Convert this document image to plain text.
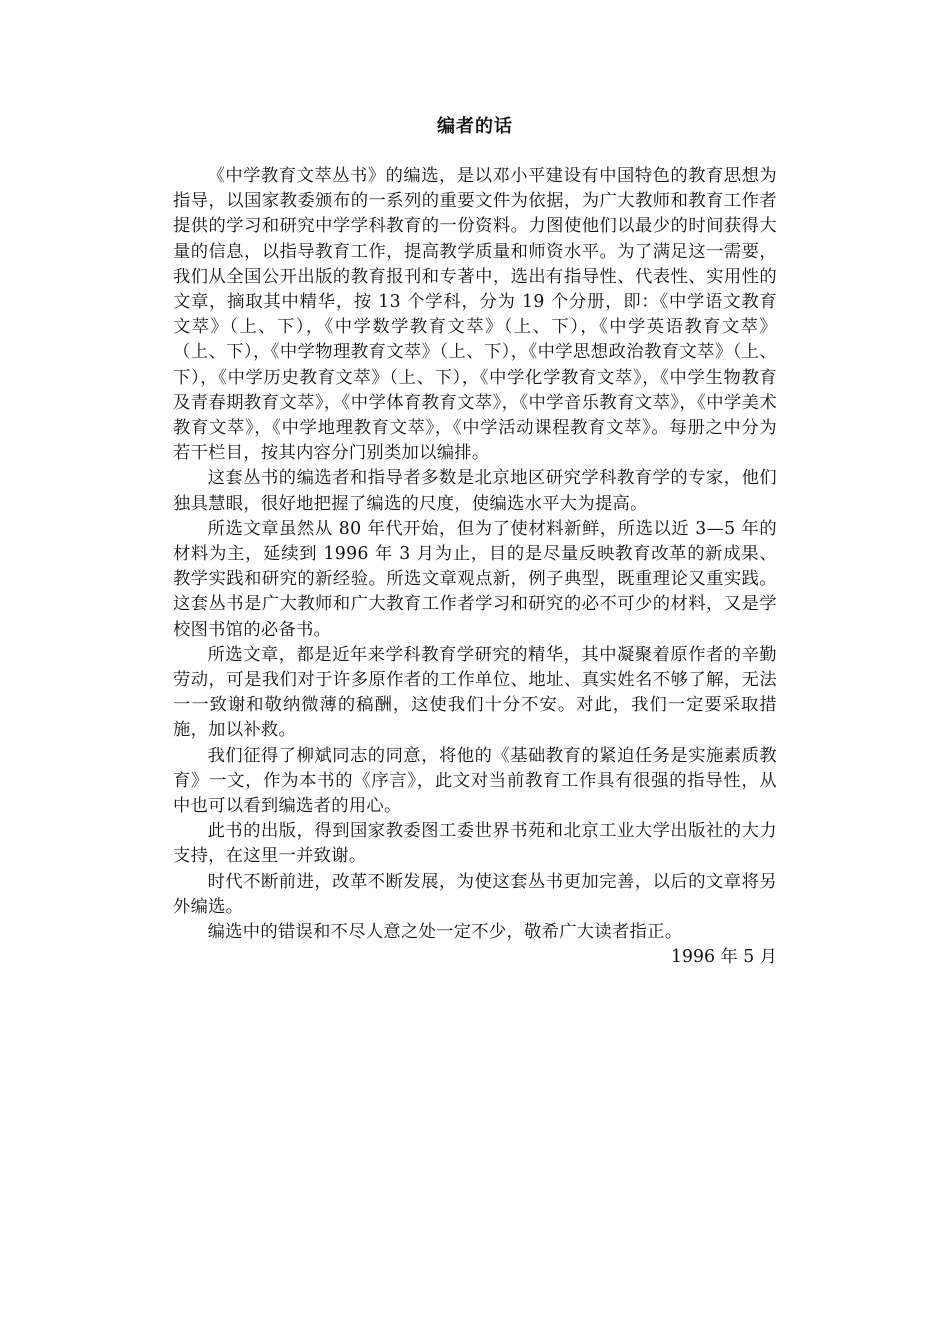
编者的话

《中学教育文萃丛书》的编选，是以邓小平建设有中国特色的教育思想为指导，以国家教委颁布的一系列的重要文件为依据，为广大教师和教育工作者提供的学习和研究中学学科教育的一份资料。力图使他们以最少的时间获得大量的信息，以指导教育工作，提高教学质量和师资水平。为了满足这一需要，我们从全国公开出版的教育报刊和专著中，选出有指导性、代表性、实用性的文章，摘取其中精华，按 13 个学科，分为 19 个分册，即：《中学语文教育文萃》（上、下），《中学数学教育文萃》（上、下），《中学英语教育文萃》（上、下），《中学物理教育文萃》（上、下），《中学思想政治教育文萃》（上、下），《中学历史教育文萃》（上、下），《中学化学教育文萃》，《中学生物教育及青春期教育文萃》，《中学体育教育文萃》，《中学音乐教育文萃》，《中学美术教育文萃》，《中学地理教育文萃》，《中学活动课程教育文萃》。每册之中分为若干栏目，按其内容分门别类加以编排。

这套丛书的编选者和指导者多数是北京地区研究学科教育学的专家，他们独具慧眼，很好地把握了编选的尺度，使编选水平大为提高。

所选文章虽然从 80 年代开始，但为了使材料新鲜，所选以近 3—5 年的材料为主，延续到 1996 年 3 月为止，目的是尽量反映教育改革的新成果、教学实践和研究的新经验。所选文章观点新，例子典型，既重理论又重实践。这套丛书是广大教师和广大教育工作者学习和研究的必不可少的材料，又是学校图书馆的必备书。

所选文章，都是近年来学科教育学研究的精华，其中凝聚着原作者的辛勤劳动，可是我们对于许多原作者的工作单位、地址、真实姓名不够了解，无法一一致谢和敬纳微薄的稿酬，这使我们十分不安。对此，我们一定要采取措施，加以补救。

我们征得了柳斌同志的同意，将他的《基础教育的紧迫任务是实施素质教育》一文，作为本书的《序言》，此文对当前教育工作具有很强的指导性，从中也可以看到编选者的用心。

此书的出版，得到国家教委图工委世界书苑和北京工业大学出版社的大力支持，在这里一并致谢。

时代不断前进，改革不断发展，为使这套丛书更加完善，以后的文章将另外编选。

编选中的错误和不尽人意之处一定不少，敬希广大读者指正。

1996 年 5 月
